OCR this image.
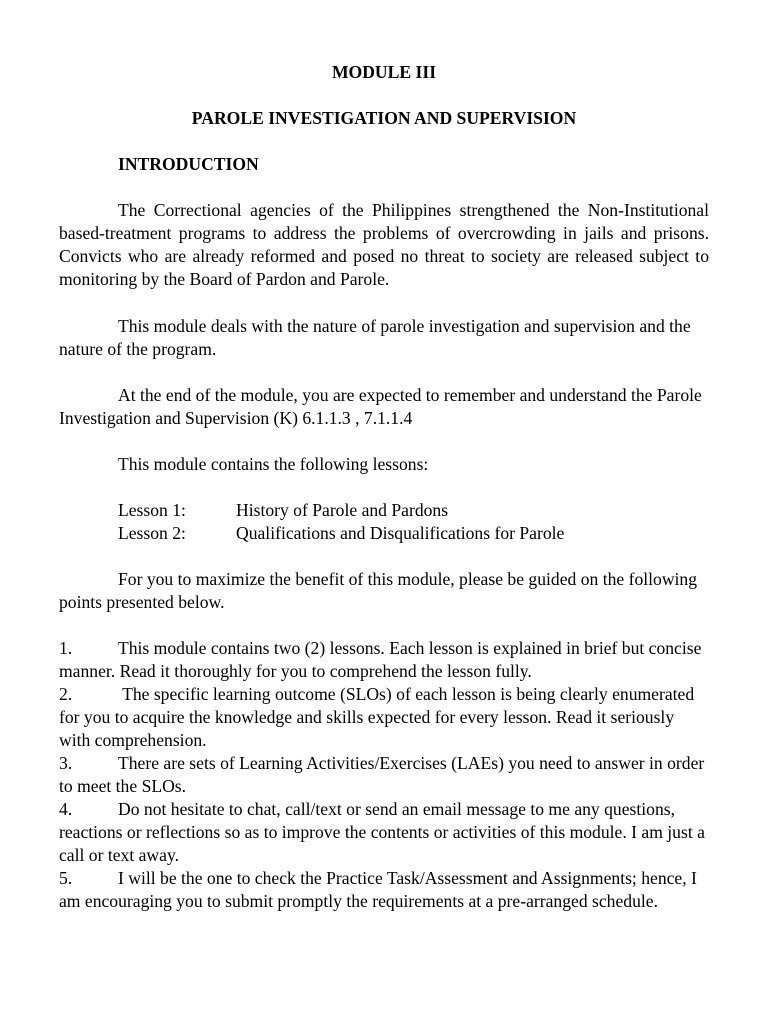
MODULE III
PAROLE INVESTIGATION AND SUPERVISION
INTRODUCTION
The Correctional agencies of the Philippines strengthened the Non-Institutional based-treatment programs to address the problems of overcrowding in jails and prisons. Convicts who are already reformed and posed no threat to society are released subject to monitoring by the Board of Pardon and Parole.
This module deals with the nature of parole investigation and supervision and the nature of the program.
At the end of the module, you are expected to remember and understand the Parole Investigation and Supervision (K) 6.1.1.3 , 7.1.1.4
This module contains the following lessons:
Lesson 1:	History of Parole and Pardons
Lesson 2:	Qualifications and Disqualifications for Parole
For you to maximize the benefit of this module, please be guided on the following points presented below.
1.	This module contains two (2) lessons. Each lesson is explained in brief but concise manner. Read it thoroughly for you to comprehend the lesson fully.
2.	The specific learning outcome (SLOs) of each lesson is being clearly enumerated for you to acquire the knowledge and skills expected for every lesson. Read it seriously with comprehension.
3.	There are sets of Learning Activities/Exercises (LAEs) you need to answer in order to meet the SLOs.
4.	Do not hesitate to chat, call/text or send an email message to me any questions, reactions or reflections so as to improve the contents or activities of this module. I am just a call or text away.
5.	I will be the one to check the Practice Task/Assessment and Assignments; hence, I am encouraging you to submit promptly the requirements at a pre-arranged schedule.
